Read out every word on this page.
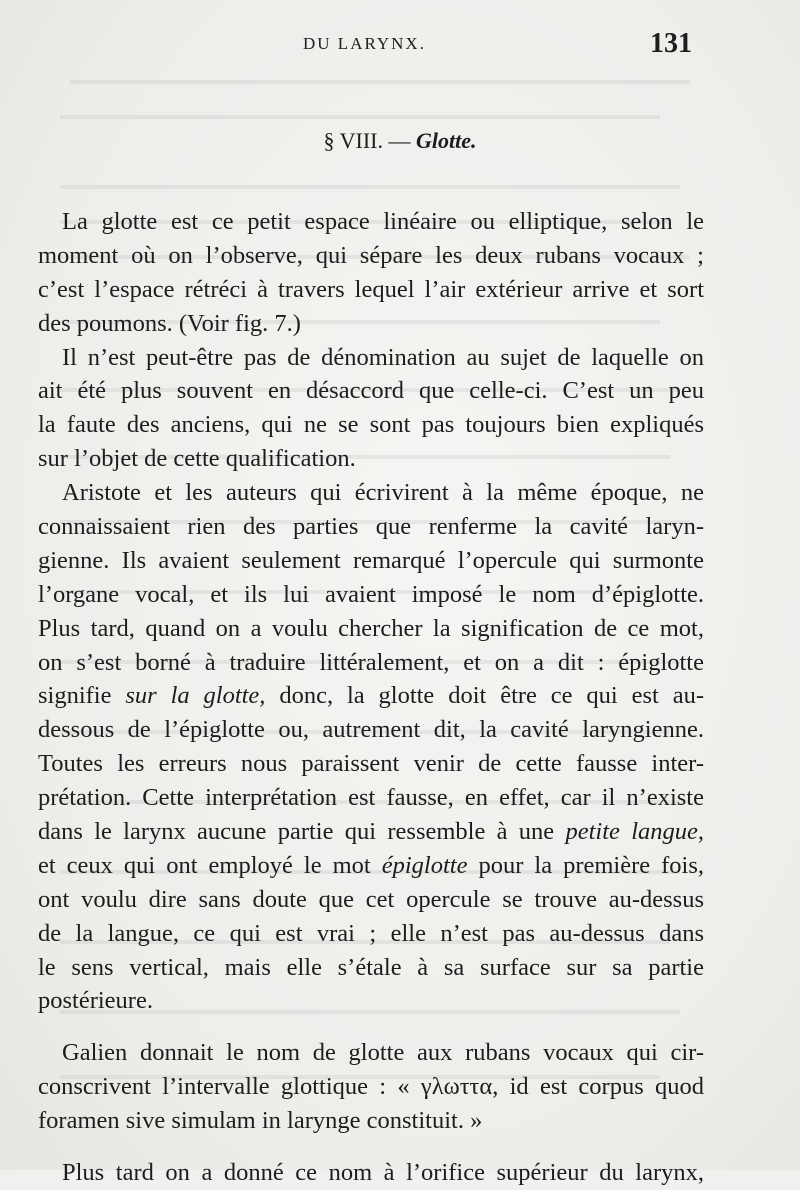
DU LARYNX.	131
§ VIII. — Glotte.
La glotte est ce petit espace linéaire ou elliptique, selon le
moment où on l’observe, qui sépare les deux rubans vocaux ;
c’est l’espace rétréci à travers lequel l’air extérieur arrive et sort
des poumons. (Voir fig. 7.)
Il n’est peut-être pas de dénomination au sujet de laquelle on
ait été plus souvent en désaccord que celle-ci. C’est un peu
la faute des anciens, qui ne se sont pas toujours bien expliqués
sur l’objet de cette qualification.
Aristote et les auteurs qui écrivirent à la même époque, ne
connaissaient rien des parties que renferme la cavité laryn-
gienne. Ils avaient seulement remarqué l’opercule qui surmonte
l’organe vocal, et ils lui avaient imposé le nom d’épiglotte.
Plus tard, quand on a voulu chercher la signification de ce mot,
on s’est borné à traduire littéralement, et on a dit : épiglotte
signifie sur la glotte, donc, la glotte doit être ce qui est au-
dessous de l’épiglotte ou, autrement dit, la cavité laryngienne.
Toutes les erreurs nous paraissent venir de cette fausse inter-
prétation. Cette interprétation est fausse, en effet, car il n’existe
dans le larynx aucune partie qui ressemble à une petite langue,
et ceux qui ont employé le mot épiglotte pour la première fois,
ont voulu dire sans doute que cet opercule se trouve au-dessus
de la langue, ce qui est vrai ; elle n’est pas au-dessus dans
le sens vertical, mais elle s’étale à sa surface sur sa partie
postérieure.
Galien donnait le nom de glotte aux rubans vocaux qui cir-
conscrivent l’intervalle glottique : « γλωττα, id est corpus quod
foramen sive simulam in larynge constituit. »
Plus tard on a donné ce nom à l’orifice supérieur du larynx,
